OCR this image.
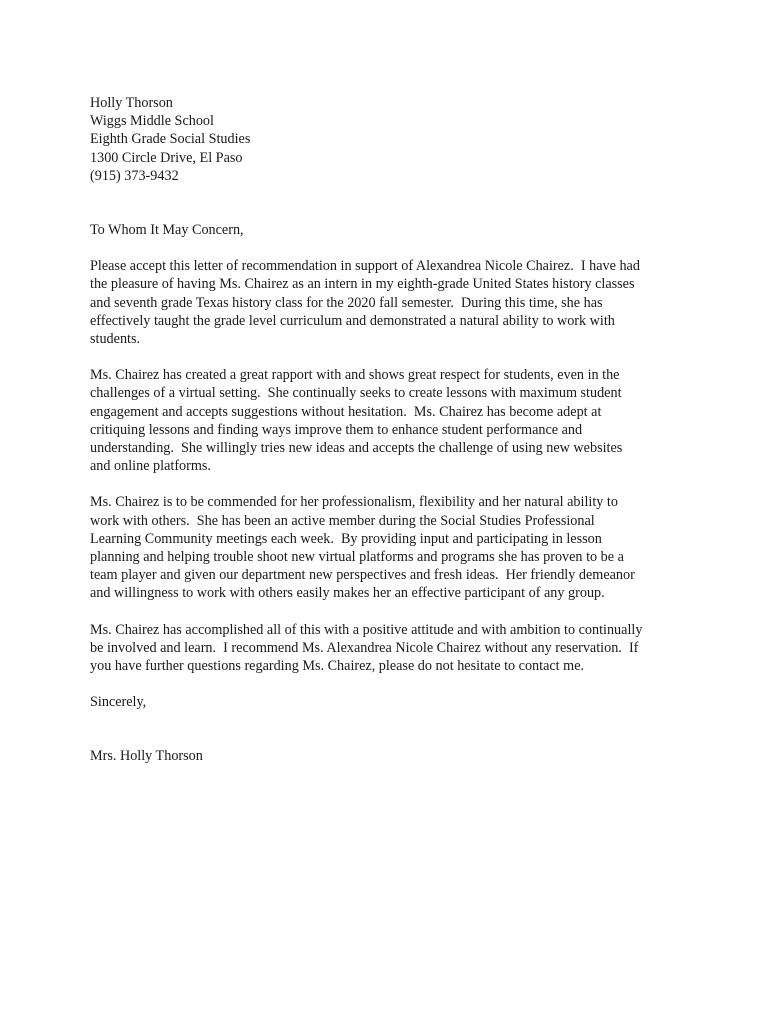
Holly Thorson
Wiggs Middle School
Eighth Grade Social Studies
1300 Circle Drive, El Paso
(915) 373-9432
To Whom It May Concern,
Please accept this letter of recommendation in support of Alexandrea Nicole Chairez.  I have had
the pleasure of having Ms. Chairez as an intern in my eighth-grade United States history classes
and seventh grade Texas history class for the 2020 fall semester.  During this time, she has
effectively taught the grade level curriculum and demonstrated a natural ability to work with
students.
Ms. Chairez has created a great rapport with and shows great respect for students, even in the
challenges of a virtual setting.  She continually seeks to create lessons with maximum student
engagement and accepts suggestions without hesitation.  Ms. Chairez has become adept at
critiquing lessons and finding ways improve them to enhance student performance and
understanding.  She willingly tries new ideas and accepts the challenge of using new websites
and online platforms.
Ms. Chairez is to be commended for her professionalism, flexibility and her natural ability to
work with others.  She has been an active member during the Social Studies Professional
Learning Community meetings each week.  By providing input and participating in lesson
planning and helping trouble shoot new virtual platforms and programs she has proven to be a
team player and given our department new perspectives and fresh ideas.  Her friendly demeanor
and willingness to work with others easily makes her an effective participant of any group.
Ms. Chairez has accomplished all of this with a positive attitude and with ambition to continually
be involved and learn.  I recommend Ms. Alexandrea Nicole Chairez without any reservation.  If
you have further questions regarding Ms. Chairez, please do not hesitate to contact me.
Sincerely,
Mrs. Holly Thorson
